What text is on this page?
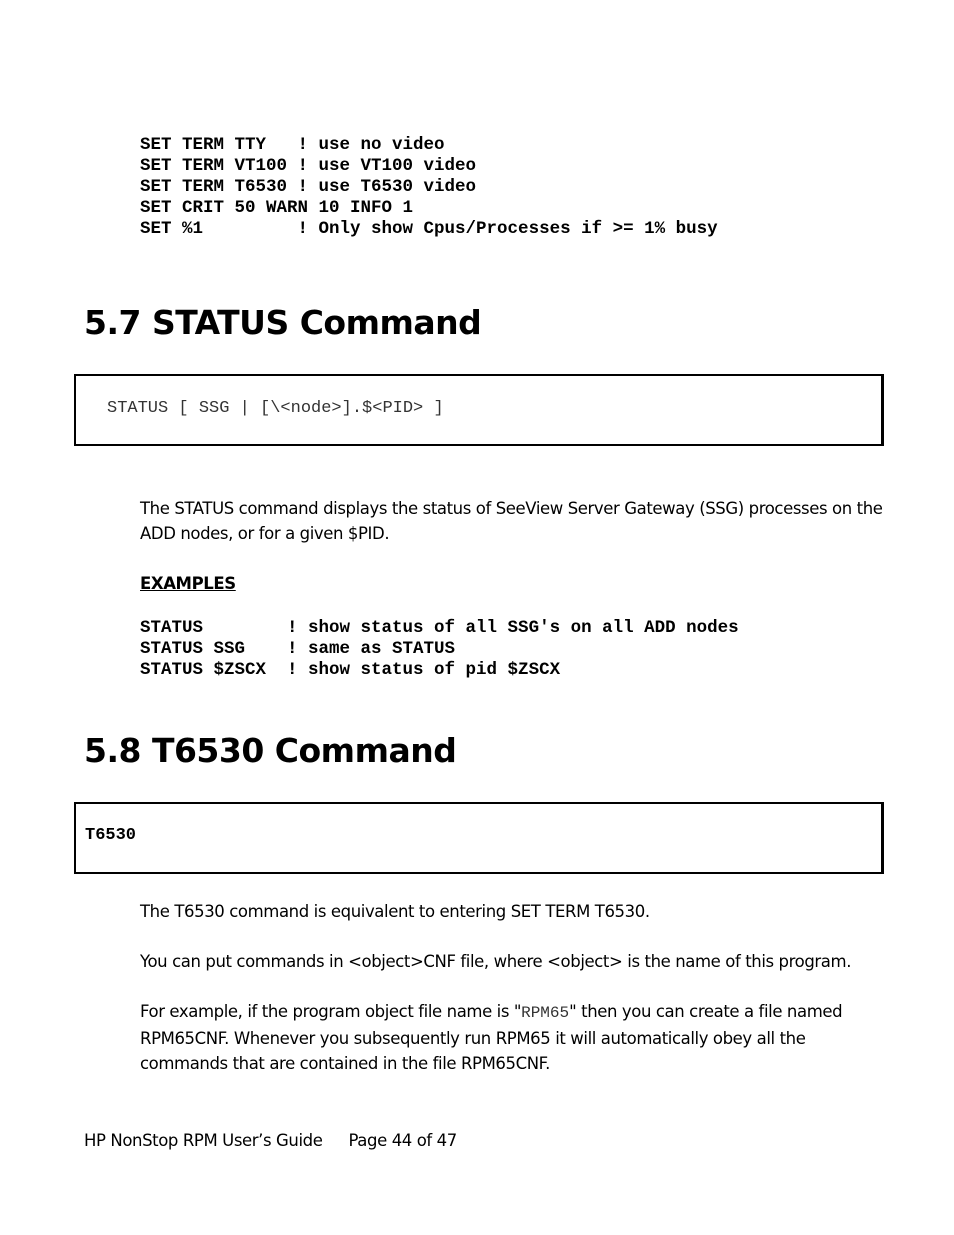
SET TERM TTY   ! use no video
SET TERM VT100 ! use VT100 video
SET TERM T6530 ! use T6530 video
SET CRIT 50 WARN 10 INFO 1
SET %1         ! Only show Cpus/Processes if >= 1% busy
5.7 STATUS Command
STATUS [ SSG | [\<node>].$<PID> ]

The STATUS command displays the status of SeeView Server Gateway (SSG) processes on the ADD nodes, or for a given $PID.

EXAMPLES

STATUS        ! show status of all SSG's on all ADD nodes
STATUS SSG    ! same as STATUS
STATUS $ZSCX  ! show status of pid $ZSCX
5.8 T6530 Command
T6530

The T6530 command is equivalent to entering SET TERM T6530.

You can put commands in <object>CNF file, where <object> is the name of this program.

For example, if the program object file name is "RPM65" then you can create a file named RPM65CNF. Whenever you subsequently run RPM65 it will automatically obey all the commands that are contained in the file RPM65CNF.

HP NonStop RPM User’s Guide Page 44 of 47
